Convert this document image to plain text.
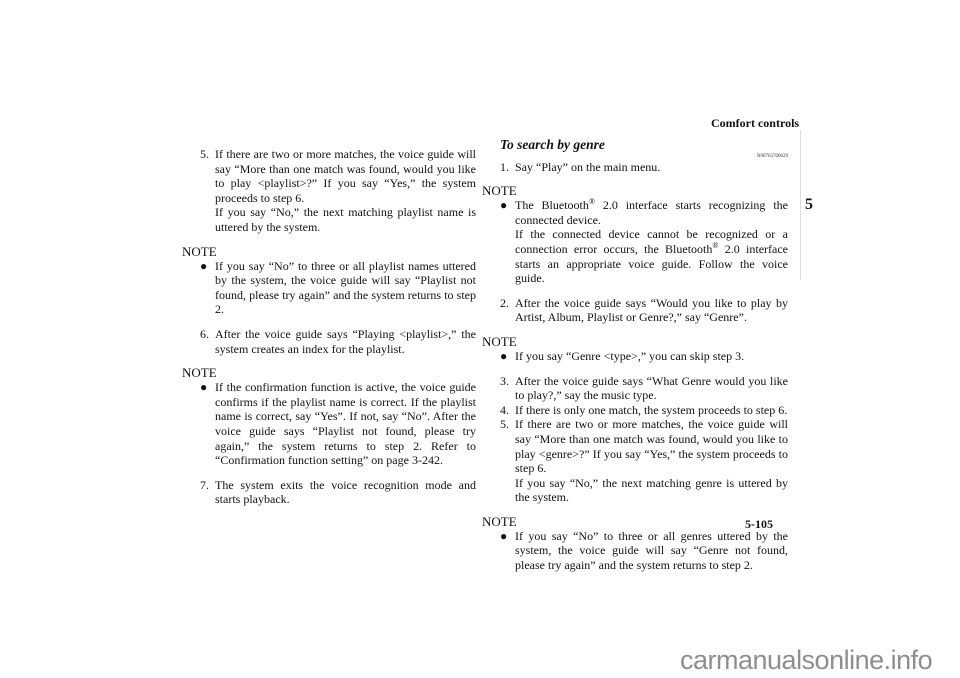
Comfort controls
5
5. If there are two or more matches, the voice guide will say “More than one match was found, would you like to play <playlist>?” If you say “Yes,” the system proceeds to step 6.

If you say “No,” the next matching playlist name is uttered by the system.

NOTE
● If you say “No” to three or all playlist names uttered by the system, the voice guide will say “Playlist not found, please try again” and the system returns to step 2.

6. After the voice guide says “Playing <playlist>,” the system creates an index for the playlist.

NOTE
● If the confirmation function is active, the voice guide confirms if the playlist name is correct. If the playlist name is correct, say “Yes”. If not, say “No”. After the voice guide says “Playlist not found, please try again,” the system returns to step 2. Refer to “Confirmation function setting” on page 3-242.

7. The system exits the voice recognition mode and starts playback.

To search by genre
N00763700029
1. Say “Play” on the main menu.

NOTE
● The Bluetooth® 2.0 interface starts recognizing the connected device.

If the connected device cannot be recognized or a connection error occurs, the Bluetooth® 2.0 interface starts an appropriate voice guide. Follow the voice guide.

2. After the voice guide says “Would you like to play by Artist, Album, Playlist or Genre?,” say “Genre”.

NOTE
● If you say “Genre <type>,” you can skip step 3.

3. After the voice guide says “What Genre would you like to play?,” say the music type.

4. If there is only one match, the system proceeds to step 6.

5. If there are two or more matches, the voice guide will say “More than one match was found, would you like to play <genre>?” If you say “Yes,” the system proceeds to step 6.

If you say “No,” the next matching genre is uttered by the system.

NOTE
● If you say “No” to three or all genres uttered by the system, the voice guide will say “Genre not found, please try again” and the system returns to step 2.

5-105
carmanualsonline.info
